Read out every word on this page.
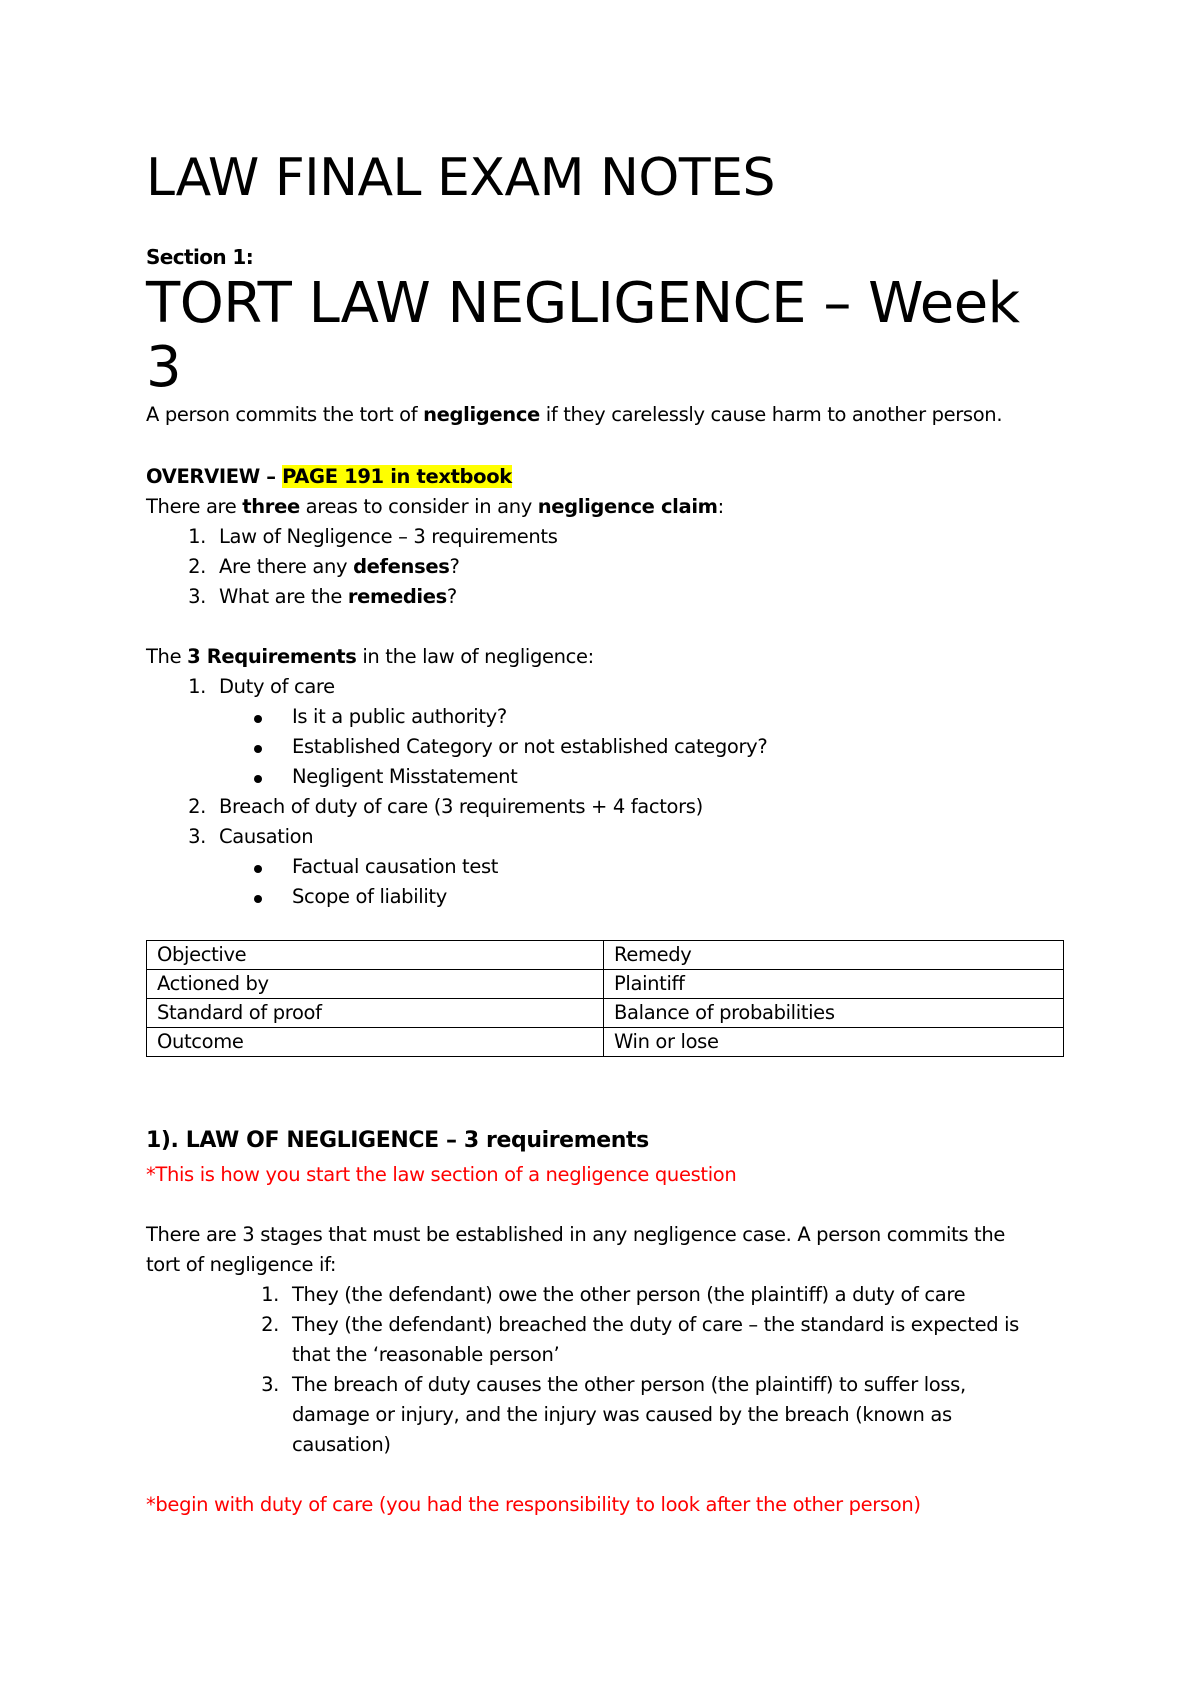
LAW FINAL EXAM NOTES
Section 1:
TORT LAW NEGLIGENCE – Week 3
A person commits the tort of negligence if they carelessly cause harm to another person.
OVERVIEW – PAGE 191 in textbook
There are three areas to consider in any negligence claim:
1. Law of Negligence – 3 requirements
2. Are there any defenses?
3. What are the remedies?
The 3 Requirements in the law of negligence:
1. Duty of care
Is it a public authority?
Established Category or not established category?
Negligent Misstatement
2. Breach of duty of care (3 requirements + 4 factors)
3. Causation
Factual causation test
Scope of liability
Objective	Remedy
Actioned by	Plaintiff
Standard of proof	Balance of probabilities
Outcome	Win or lose
1). LAW OF NEGLIGENCE – 3 requirements
*This is how you start the law section of a negligence question
There are 3 stages that must be established in any negligence case. A person commits the
tort of negligence if:
1. They (the defendant) owe the other person (the plaintiff) a duty of care
2. They (the defendant) breached the duty of care – the standard is expected is
that the ‘reasonable person’
3. The breach of duty causes the other person (the plaintiff) to suffer loss,
damage or injury, and the injury was caused by the breach (known as
causation)
*begin with duty of care (you had the responsibility to look after the other person)
